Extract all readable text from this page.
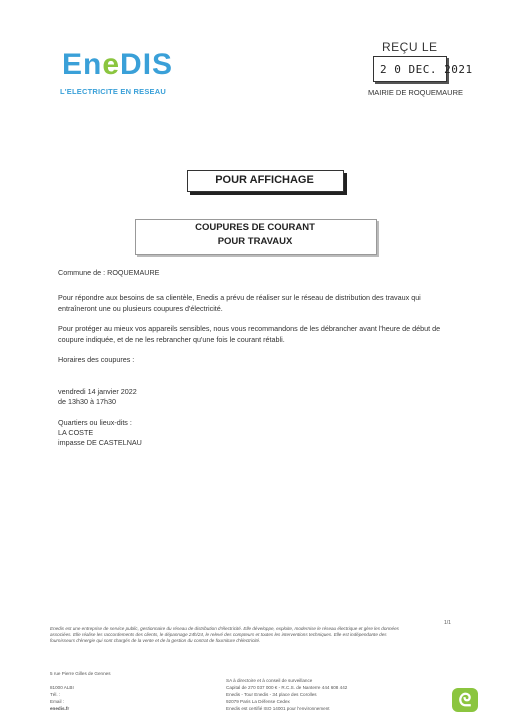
EneDIS
L'ELECTRICITE EN RESEAU
REÇU LE
2 0 DEC. 2021
MAIRIE DE ROQUEMAURE
POUR AFFICHAGE
COUPURES DE COURANT
POUR TRAVAUX
Commune de : ROQUEMAURE
Pour répondre aux besoins de sa clientèle, Enedis a prévu de réaliser sur le réseau de distribution des travaux qui
entraîneront une ou plusieurs coupures d'électricité.
Pour protéger au mieux vos appareils sensibles, nous vous recommandons de les débrancher avant l'heure de début de
coupure indiquée, et de ne les rebrancher qu'une fois le courant rétabli.
Horaires des coupures :
vendredi 14 janvier 2022
de 13h30 à 17h30
Quartiers ou lieux-dits :
LA COSTE
impasse DE CASTELNAU
1/1
Enedis est une entreprise de service public, gestionnaire du réseau de distribution d'électricité. Elle développe, exploite, modernise le réseau électrique et gère les données
associées. Elle réalise les raccordements des clients, le dépannage 24h/24, le relevé des compteurs et toutes les interventions techniques. Elle est indépendante des
fournisseurs d'énergie qui sont chargés de la vente et de la gestion du contrat de fourniture d'électricité.
5 rue Pierre Gilles de Gennes
81000 ALBI
Tél. :
Email :
enedis.fr
SA à directoire et à conseil de surveillance
Capital de 270 037 000 € - R.C.S. de Nanterre 444 608 442
Enedis - Tour Enedis - 34 place des Corolles
92079 Paris La Défense Cedex
Enedis est certifié ISO 14001 pour l'environnement	ᘓ
